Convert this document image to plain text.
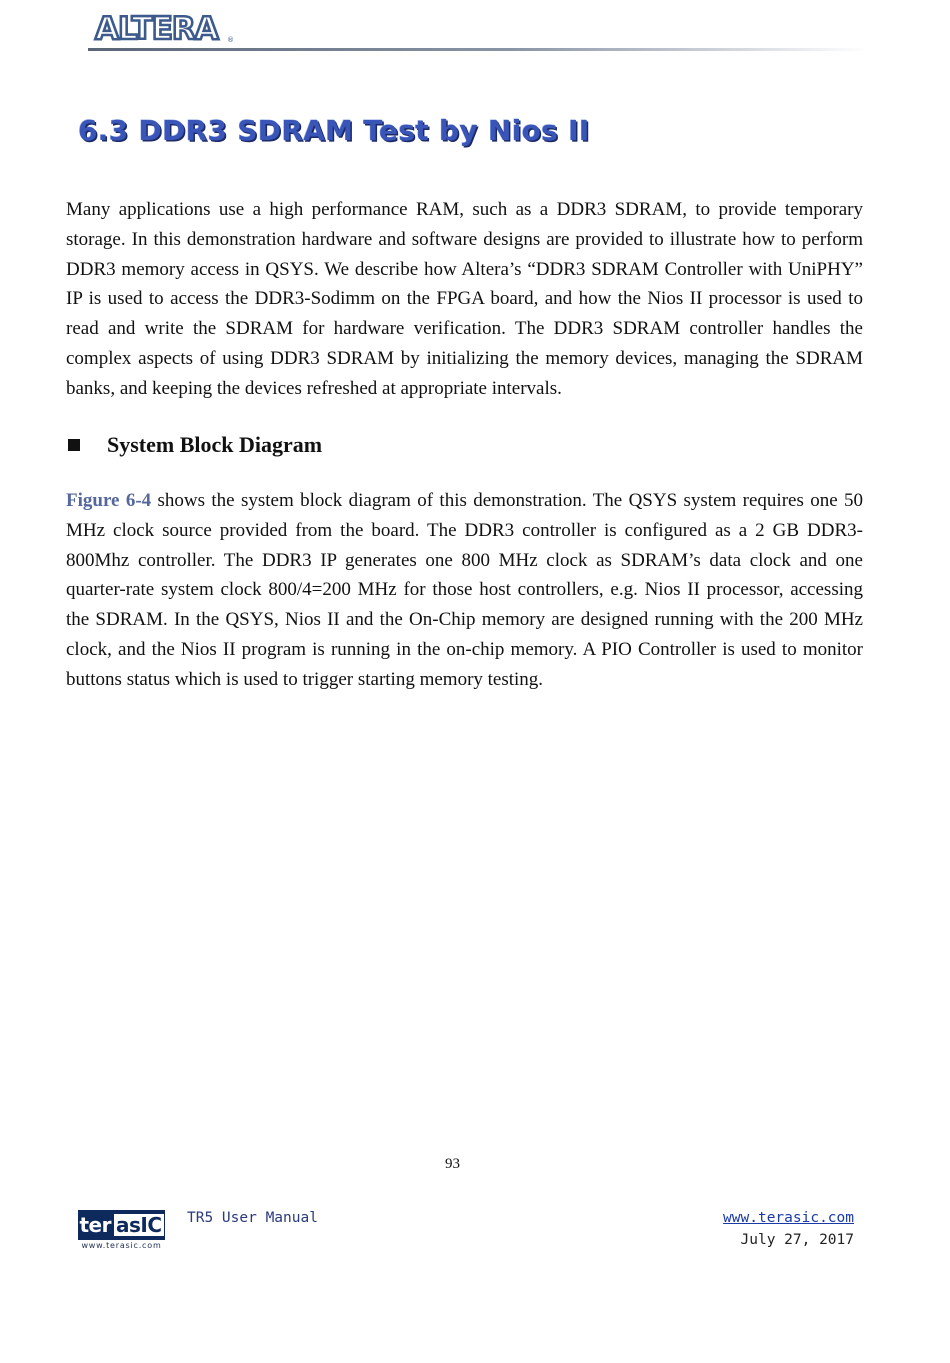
ALTERA ®
6.3 DDR3 SDRAM Test by Nios II

Many applications use a high performance RAM, such as a DDR3 SDRAM, to provide temporary storage. In this demonstration hardware and software designs are provided to illustrate how to perform DDR3 memory access in QSYS. We describe how Altera’s “DDR3 SDRAM Controller with UniPHY” IP is used to access the DDR3-Sodimm on the FPGA board, and how the Nios II processor is used to read and write the SDRAM for hardware verification. The DDR3 SDRAM controller handles the complex aspects of using DDR3 SDRAM by initializing the memory devices, managing the SDRAM banks, and keeping the devices refreshed at appropriate intervals.

System Block Diagram

Figure 6-4 shows the system block diagram of this demonstration. The QSYS system requires one 50 MHz clock source provided from the board. The DDR3 controller is configured as a 2 GB DDR3-800Mhz controller. The DDR3 IP generates one 800 MHz clock as SDRAM’s data clock and one quarter-rate system clock 800/4=200 MHz for those host controllers, e.g. Nios II processor, accessing the SDRAM. In the QSYS, Nios II and the On-Chip memory are designed running with the 200 MHz clock, and the Nios II program is running in the on-chip memory. A PIO Controller is used to monitor buttons status which is used to trigger starting memory testing.

93
ter asIC
www.terasic.com
TR5 User Manual	www.terasic.com
July 27, 2017
